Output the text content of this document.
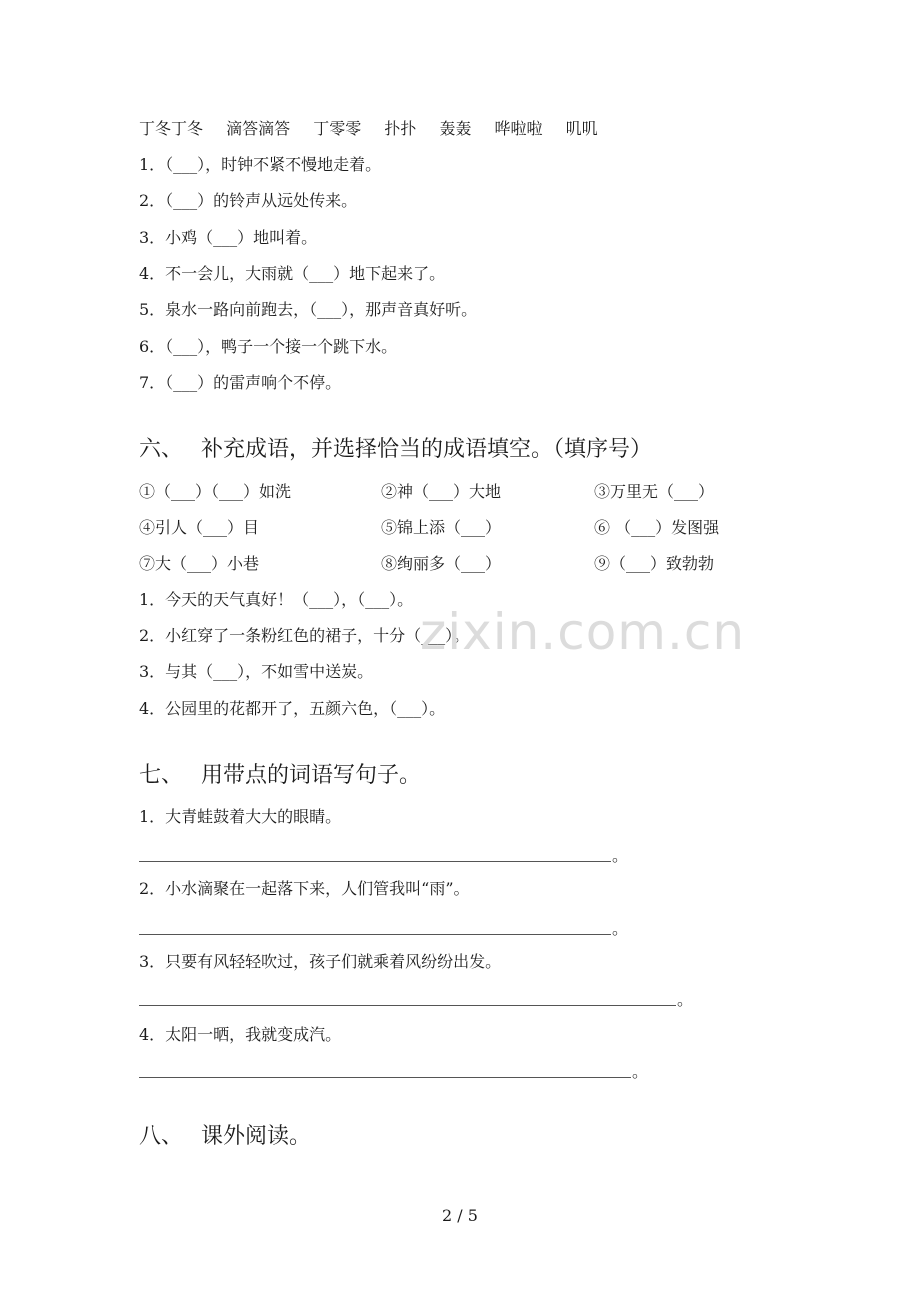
丁冬丁冬 滴答滴答 丁零零 扑扑 轰轰 哗啦啦 叽叽
1．（___），时钟不紧不慢地走着。
2．（___）的铃声从远处传来。
3．小鸡（___）地叫着。
4．不一会儿，大雨就（___）地下起来了。
5．泉水一路向前跑去，（___），那声音真好听。
6．（___），鸭子一个接一个跳下水。
7．（___）的雷声响个不停。
六、 补充成语，并选择恰当的成语填空。（填序号）
①（___）（___）如洗	②神（___）大地	③万里无（___）
④引人（___）目	⑤锦上添（___）	⑥ （___）发图强
⑦大（___）小巷	⑧绚丽多（___）	⑨（___）致勃勃
1．今天的天气真好！（___），（___）。
2．小红穿了一条粉红色的裙子，十分（___）。
3．与其（___），不如雪中送炭。
4．公园里的花都开了，五颜六色，（___）。
七、 用带点的词语写句子。
1．大青蛙鼓着大大的眼睛。
。
2．小水滴聚在一起落下来，人们管我叫“雨”。
。
3．只要有风轻轻吹过，孩子们就乘着风纷纷出发。
。
4．太阳一晒，我就变成汽。
。
八、 课外阅读。
zixin.com.cn
2 / 5
